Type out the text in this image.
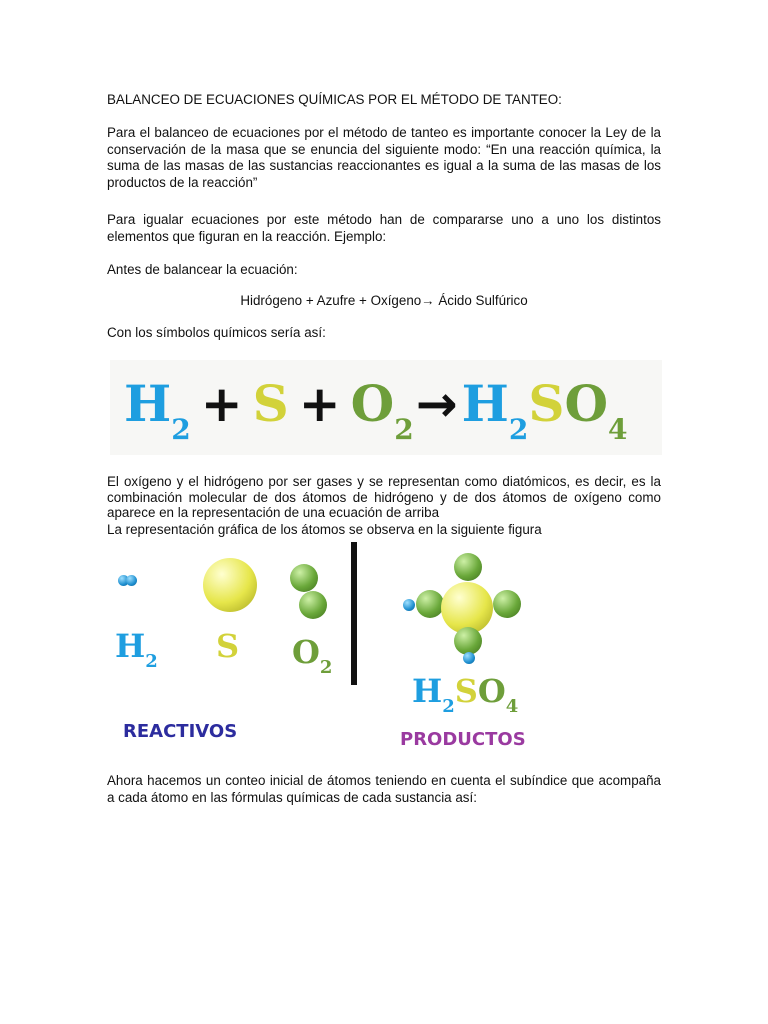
BALANCEO DE ECUACIONES QUÍMICAS POR EL MÉTODO DE TANTEO:

Para el balanceo de ecuaciones por el método de tanteo es importante conocer la Ley de la conservación de la masa que se enuncia del siguiente modo: “En una reacción química, la suma de las masas de las sustancias reaccionantes es igual a la suma de las masas de los productos de la reacción”

Para igualar ecuaciones por este método han de compararse uno a uno los distintos elementos que figuran en la reacción. Ejemplo:

Antes de balancear la ecuación:

Hidrógeno + Azufre + Oxígeno→ Ácido Sulfúrico

Con los símbolos químicos sería así:

$H_2 + S + O_2\to H_2SO_4$

El oxígeno y el hidrógeno por ser gases y se representan como diatómicos, es decir, es la combinación molecular de dos átomos de hidrógeno y de dos átomos de oxígeno como aparece en la representación de una ecuación de arriba

La representación gráfica de los átomos se observa en la siguiente figura

$H_2$ S $O_2$
$H_2SO_4$
REACTIVOS	PRODUCTOS

Ahora hacemos un conteo inicial de átomos teniendo en cuenta el subíndice que acompaña a cada átomo en las fórmulas químicas de cada sustancia así:
